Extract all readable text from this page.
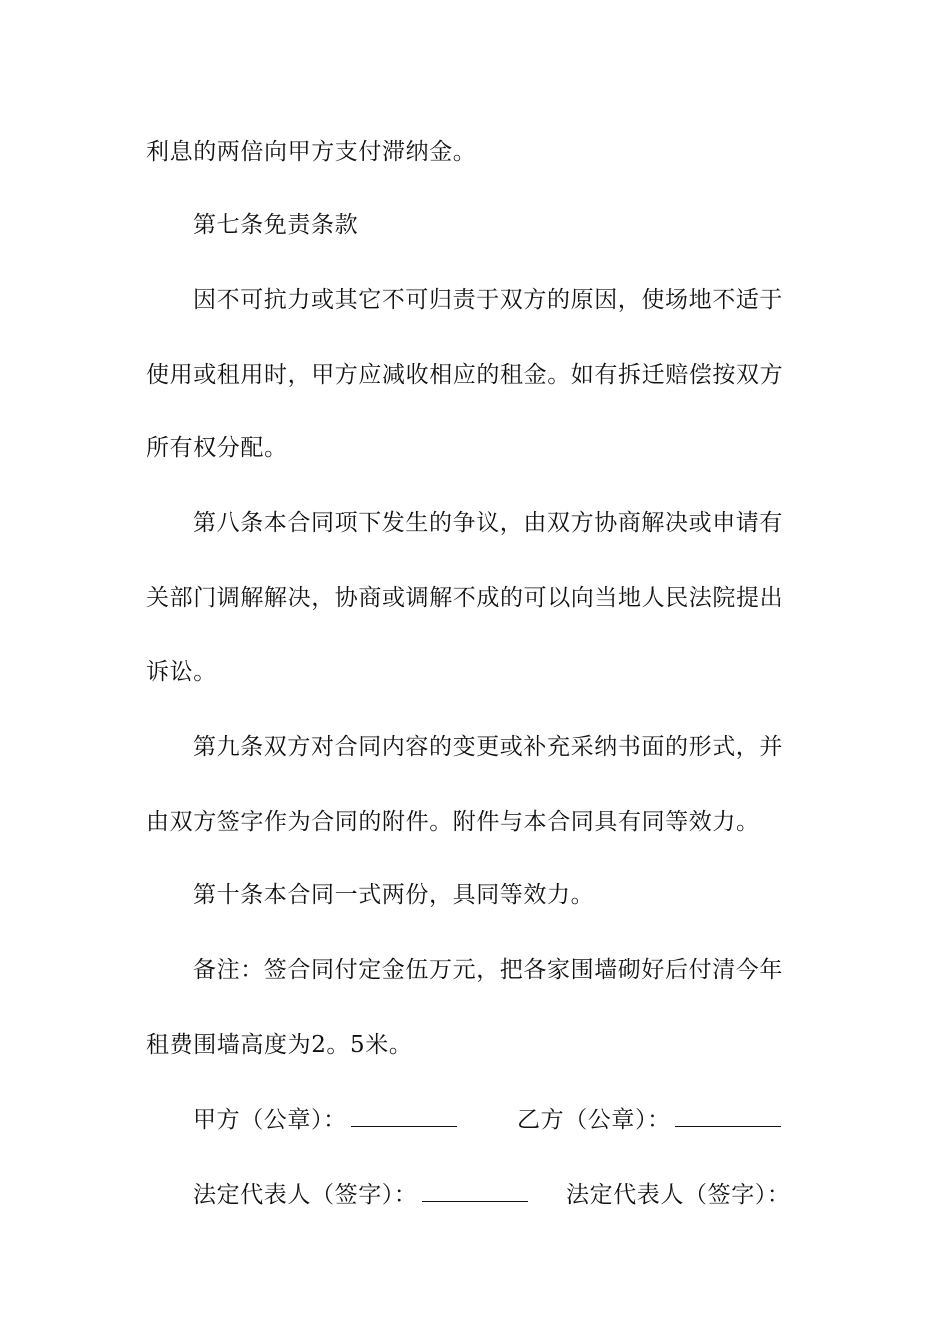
利息的两倍向甲方支付滞纳金。
第七条免责条款
因不可抗力或其它不可归责于双方的原因，使场地不适于
使用或租用时，甲方应减收相应的租金。如有拆迁赔偿按双方
所有权分配。
第八条本合同项下发生的争议，由双方协商解决或申请有
关部门调解解决，协商或调解不成的可以向当地人民法院提出
诉讼。
第九条双方对合同内容的变更或补充采纳书面的形式，并
由双方签字作为合同的附件。附件与本合同具有同等效力。
第十条本合同一式两份，具同等效力。
备注：签合同付定金伍万元，把各家围墙砌好后付清今年
租费围墙高度为2。5米。
甲方（公章）：	乙方（公章）：
法定代表人（签字）：	法定代表人（签字）：
